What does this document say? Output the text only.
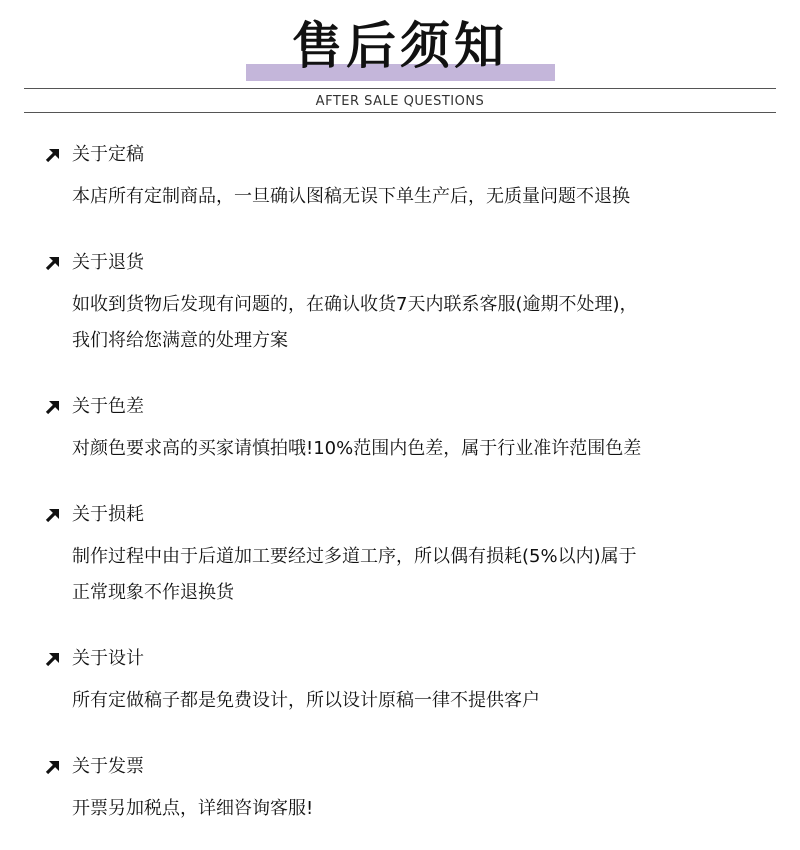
售后须知
AFTER SALE QUESTIONS
关于定稿
本店所有定制商品，一旦确认图稿无误下单生产后，无质量问题不退换
关于退货
如收到货物后发现有问题的，在确认收货7天内联系客服(逾期不处理)，
我们将给您满意的处理方案
关于色差
对颜色要求高的买家请慎拍哦!10%范围内色差，属于行业准许范围色差
关于损耗
制作过程中由于后道加工要经过多道工序，所以偶有损耗(5%以内)属于
正常现象不作退换货
关于设计
所有定做稿子都是免费设计，所以设计原稿一律不提供客户
关于发票
开票另加税点，详细咨询客服!
